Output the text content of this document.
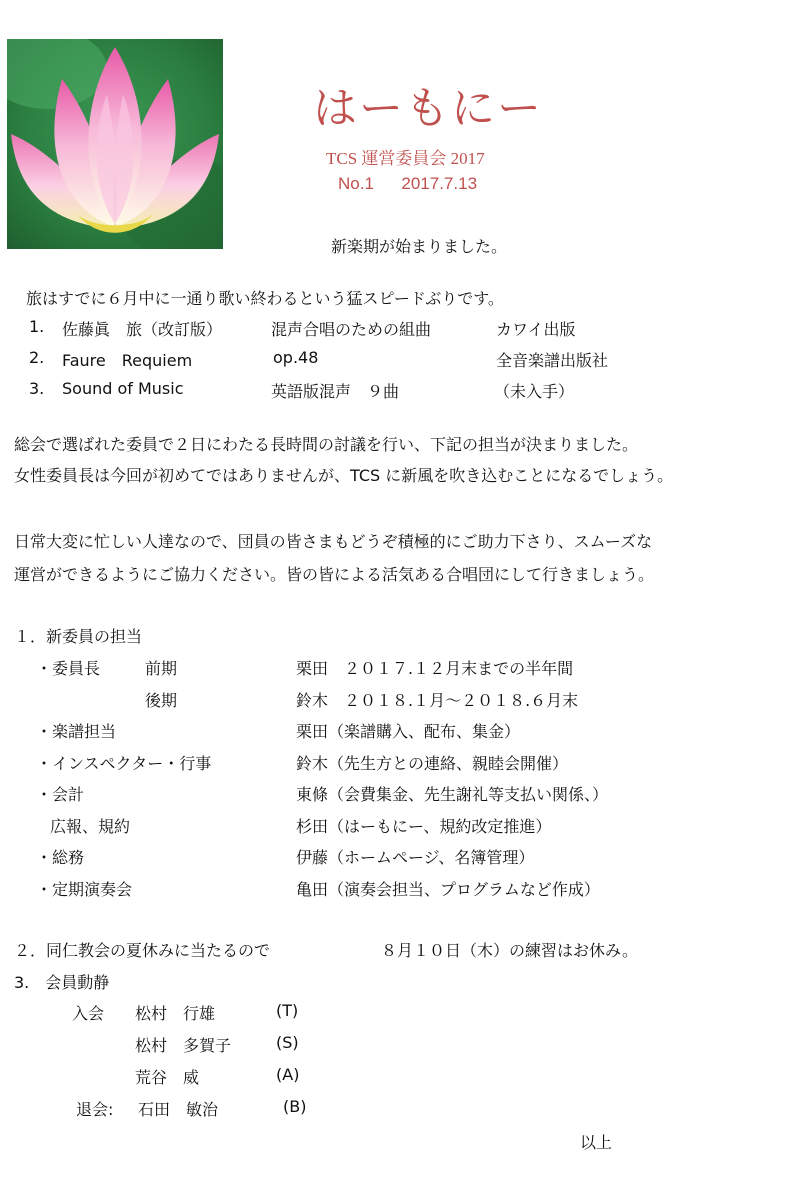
はーもにー
TCS 運営委員会 2017
No.1 2017.7.13
新楽期が始まりました。
旅はすでに６月中に一通り歌い終わるという猛スピードぶりです。
1. 佐藤眞　旅（改訂版）	混声合唱のための組曲	カワイ出版
2. Faure　Requiem	op.48	全音楽譜出版社
3. Sound of Music	英語版混声　９曲	（未入手）
総会で選ばれた委員で２日にわたる長時間の討議を行い、下記の担当が決まりました。
女性委員長は今回が初めてではありませんが、TCS に新風を吹き込むことになるでしょう。
日常大変に忙しい人達なので、団員の皆さまもどうぞ積極的にご助力下さり、スムーズな
運営ができるようにご協力ください。皆の皆による活気ある合唱団にして行きましょう。
１．新委員の担当
・委員長	前期	栗田　２０１７.１２月末までの半年間
後期	鈴木　２０１８.１月～２０１８.６月末
・楽譜担当	栗田（楽譜購入、配布、集金）
・インスペクター・行事	鈴木（先生方との連絡、親睦会開催）
・会計	東條（会費集金、先生謝礼等支払い関係、）
広報、規約	杉田（はーもにー、規約改定推進）
・総務	伊藤（ホームページ、名簿管理）
・定期演奏会	亀田（演奏会担当、プログラムなど作成）
２．同仁教会の夏休みに当たるので	８月１０日（木）の練習はお休み。
3.　会員動静
入会 松村　行雄	(T)
松村　多賀子	(S)
荒谷　威	(A)
退会: 石田　敏治	(B)
以上
